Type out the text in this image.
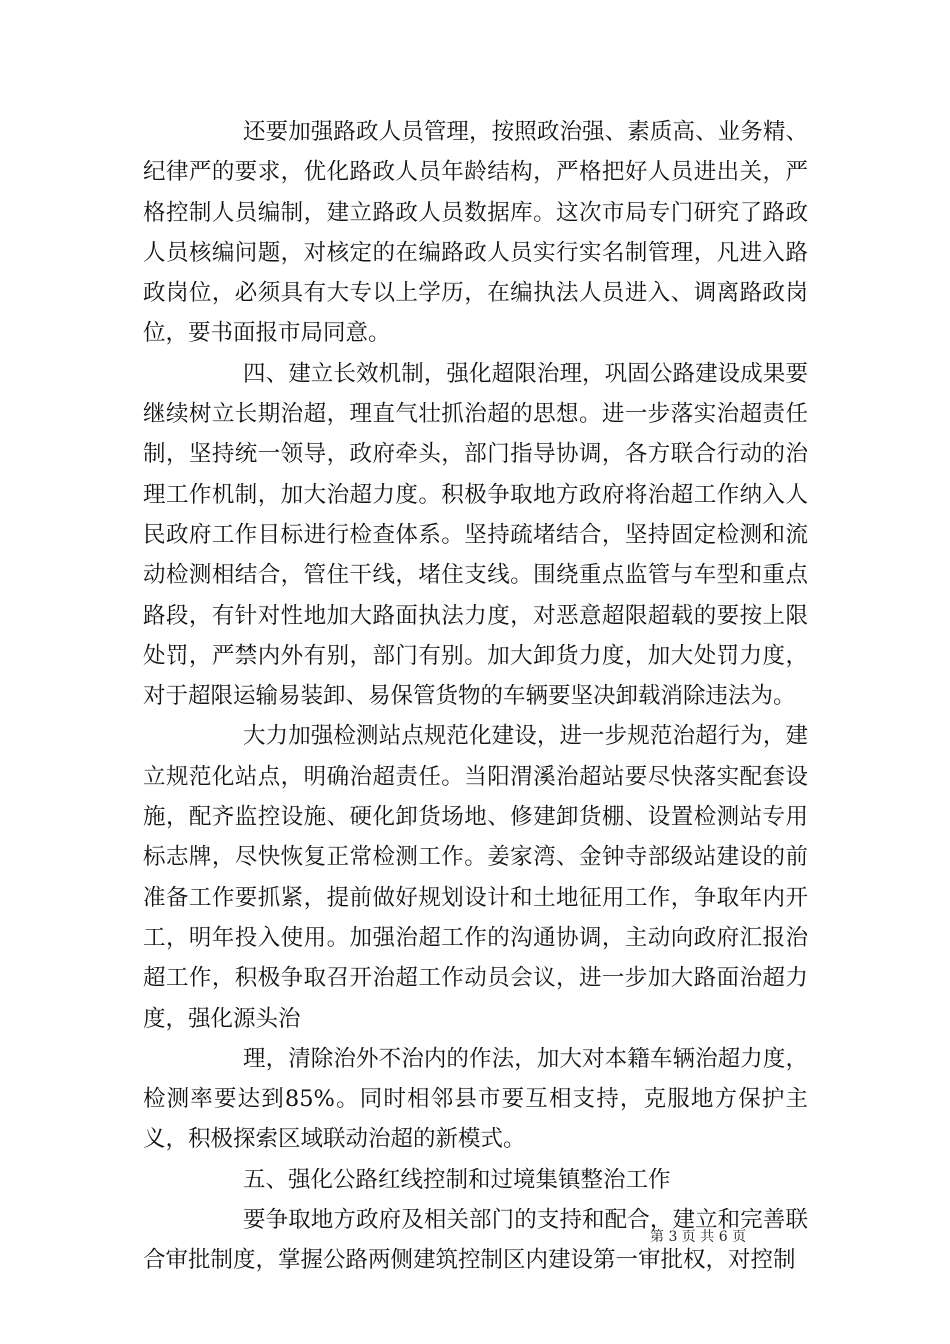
还要加强路政人员管理，按照政治强、素质高、业务精、纪律严的要求，优化路政人员年龄结构，严格把好人员进出关，严格控制人员编制，建立路政人员数据库。这次市局专门研究了路政人员核编问题，对核定的在编路政人员实行实名制管理，凡进入路政岗位，必须具有大专以上学历，在编执法人员进入、调离路政岗位，要书面报市局同意。

四、建立长效机制，强化超限治理，巩固公路建设成果要继续树立长期治超，理直气壮抓治超的思想。进一步落实治超责任制，坚持统一领导，政府牵头，部门指导协调，各方联合行动的治理工作机制，加大治超力度。积极争取地方政府将治超工作纳入人民政府工作目标进行检查体系。坚持疏堵结合，坚持固定检测和流动检测相结合，管住干线，堵住支线。围绕重点监管与车型和重点路段，有针对性地加大路面执法力度，对恶意超限超载的要按上限处罚，严禁内外有别，部门有别。加大卸货力度，加大处罚力度，对于超限运输易装卸、易保管货物的车辆要坚决卸载消除违法为。

大力加强检测站点规范化建设，进一步规范治超行为，建立规范化站点，明确治超责任。当阳渭溪治超站要尽快落实配套设施，配齐监控设施、硬化卸货场地、修建卸货棚、设置检测站专用标志牌，尽快恢复正常检测工作。姜家湾、金钟寺部级站建设的前准备工作要抓紧，提前做好规划设计和土地征用工作，争取年内开工，明年投入使用。加强治超工作的沟通协调，主动向政府汇报治超工作，积极争取召开治超工作动员会议，进一步加大路面治超力度，强化源头治

理，清除治外不治内的作法，加大对本籍车辆治超力度，检测率要达到85%。同时相邻县市要互相支持，克服地方保护主义，积极探索区域联动治超的新模式。

五、强化公路红线控制和过境集镇整治工作

要争取地方政府及相关部门的支持和配合，建立和完善联合审批制度，掌握公路两侧建筑控制区内建设第一审批权，对控制

第 3 页 共 6 页
